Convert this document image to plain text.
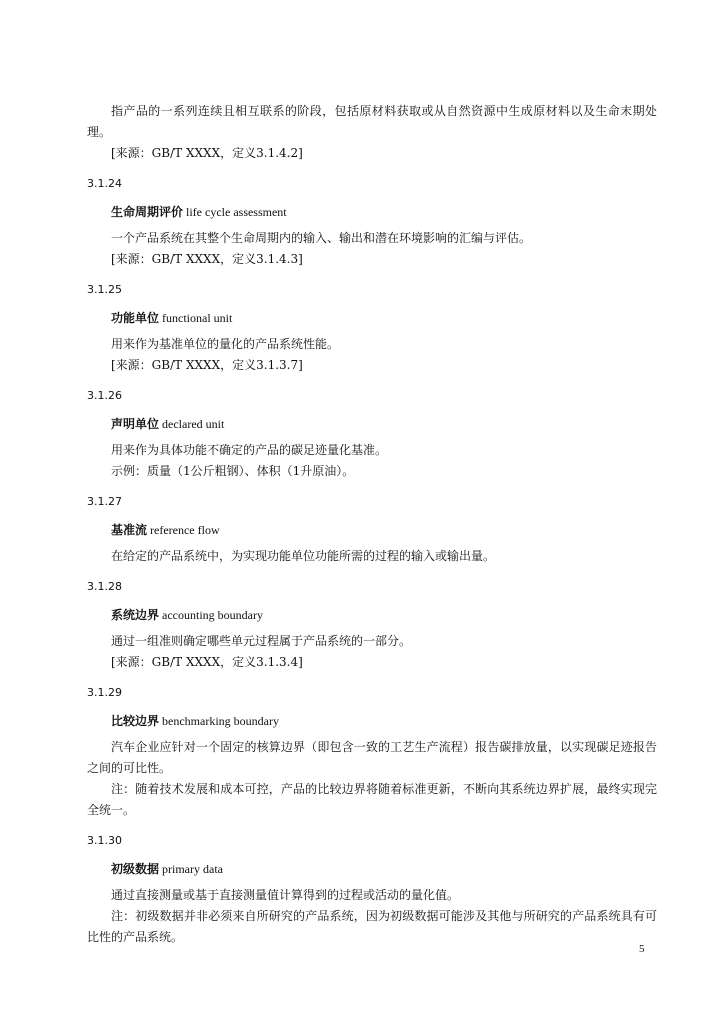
指产品的一系列连续且相互联系的阶段，包括原材料获取或从自然资源中生成原材料以及生命末期处理。

[来源：GB/T XXXX，定义3.1.4.2]

3.1.24
生命周期评价 life cycle assessment

一个产品系统在其整个生命周期内的输入、输出和潜在环境影响的汇编与评估。

[来源：GB/T XXXX，定义3.1.4.3]

3.1.25
功能单位 functional unit

用来作为基准单位的量化的产品系统性能。

[来源：GB/T XXXX，定义3.1.3.7]

3.1.26
声明单位 declared unit

用来作为具体功能不确定的产品的碳足迹量化基准。

示例：质量（1公斤粗钢）、体积（1升原油）。

3.1.27
基准流 reference flow

在给定的产品系统中，为实现功能单位功能所需的过程的输入或输出量。

3.1.28
系统边界 accounting boundary

通过一组准则确定哪些单元过程属于产品系统的一部分。

[来源：GB/T XXXX，定义3.1.3.4]

3.1.29
比较边界 benchmarking boundary

汽车企业应针对一个固定的核算边界（即包含一致的工艺生产流程）报告碳排放量，以实现碳足迹报告之间的可比性。

注：随着技术发展和成本可控，产品的比较边界将随着标准更新，不断向其系统边界扩展，最终实现完全统一。

3.1.30
初级数据 primary data

通过直接测量或基于直接测量值计算得到的过程或活动的量化值。

注：初级数据并非必须来自所研究的产品系统，因为初级数据可能涉及其他与所研究的产品系统具有可比性的产品系统。

5
